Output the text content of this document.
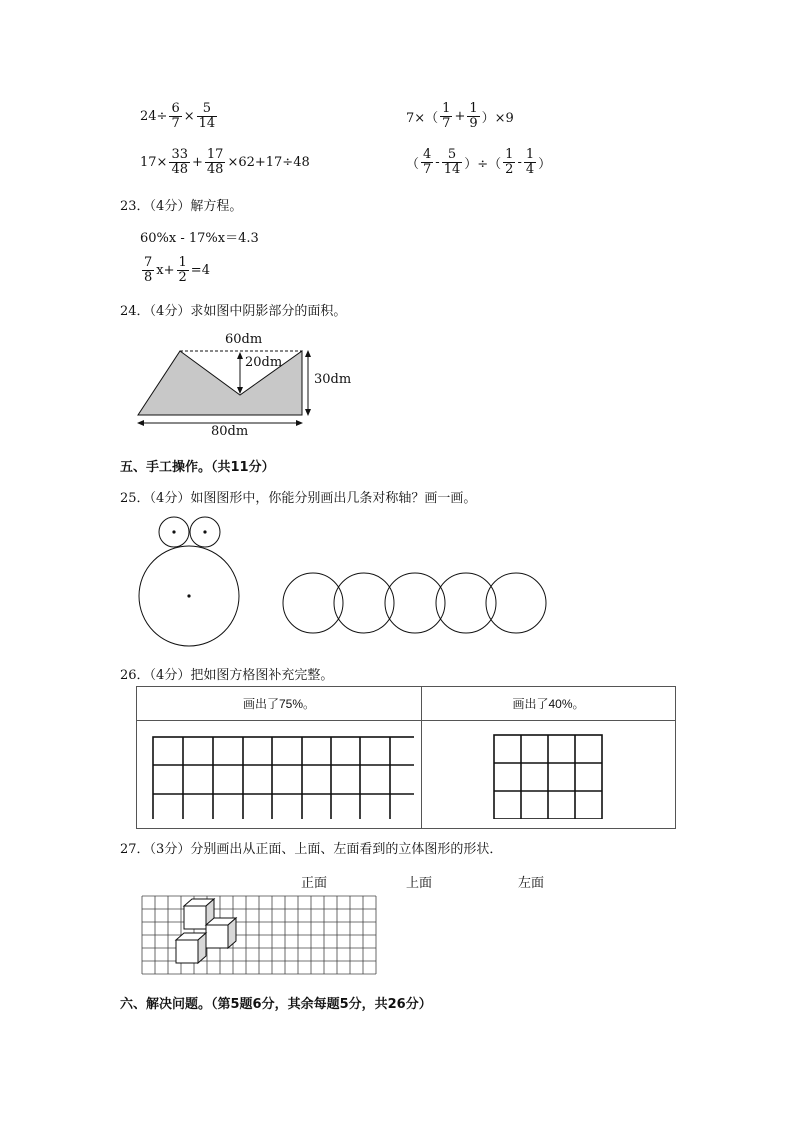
$24\div \frac{6}{7} \times \frac{5}{14}$	$7\times( \frac{1}{7} + \frac{1}{9} )\times 9$
$17\times \frac{33}{48} + \frac{17}{48} \times 62+17\div 48$	（ $\frac{4}{7} - \frac{5}{14}$ ）÷（ $\frac{1}{2} - \frac{1}{4}$ ）
23．（4分）解方程。
60%x - 17%x＝4.3
$\frac{7}{8} x+ \frac{1}{2} =4$
24．（4分）求如图中阴影部分的面积。
60dm
20dm
30dm
80dm
五、手工操作。（共11分）
25．（4分）如图图形中，你能分别画出几条对称轴？画一画。
26．（4分）把如图方格图补充完整。
画出了75%。	画出了40%。

27．（3分）分别画出从正面、上面、左面看到的立体图形的形状．
正面	上面	左面
六、解决问题。（第5题6分，其余每题5分，共26分）
